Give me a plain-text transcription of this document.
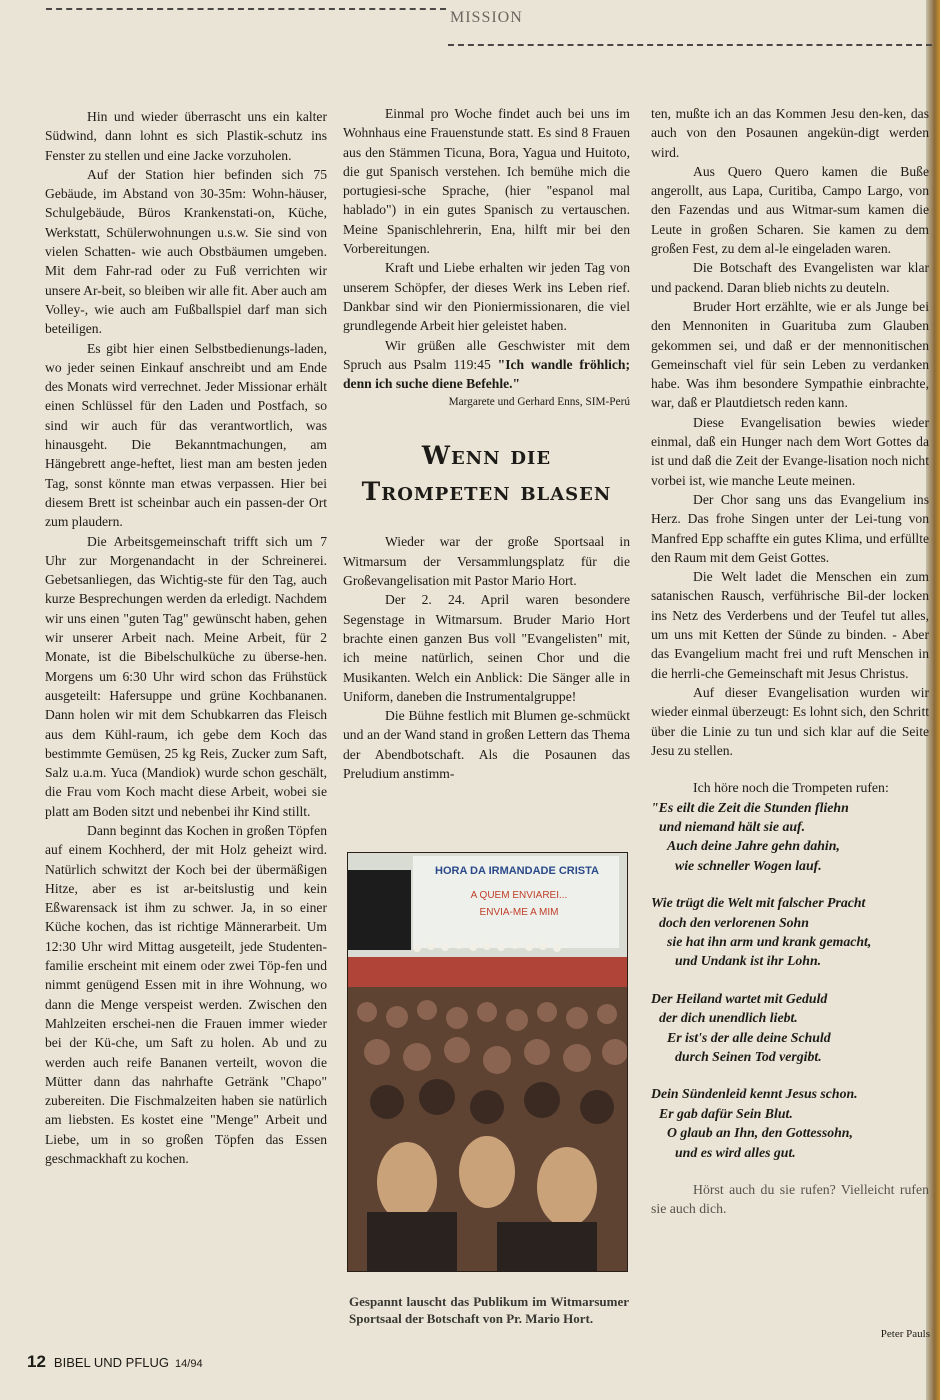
MISSION

Hin und wieder überrascht uns ein kalter Südwind, dann lohnt es sich Plastik-schutz ins Fenster zu stellen und eine Jacke vorzuholen.

Auf der Station hier befinden sich 75 Gebäude, im Abstand von 30-35m: Wohn-häuser, Schulgebäude, Büros Krankenstati-on, Küche, Werkstatt, Schülerwohnungen u.s.w. Sie sind von vielen Schatten- wie auch Obstbäumen umgeben. Mit dem Fahr-rad oder zu Fuß verrichten wir unsere Ar-beit, so bleiben wir alle fit. Aber auch am Volley-, wie auch am Fußballspiel darf man sich beteiligen.

Es gibt hier einen Selbstbedienungs-laden, wo jeder seinen Einkauf anschreibt und am Ende des Monats wird verrechnet. Jeder Missionar erhält einen Schlüssel für den Laden und Postfach, so sind wir auch für das verantwortlich, was hinausgeht. Die Bekanntmachungen, am Hängebrett ange-heftet, liest man am besten jeden Tag, sonst könnte man etwas verpassen. Hier bei diesem Brett ist scheinbar auch ein passen-der Ort zum plaudern.

Die Arbeitsgemeinschaft trifft sich um 7 Uhr zur Morgenandacht in der Schreinerei. Gebetsanliegen, das Wichtig-ste für den Tag, auch kurze Besprechungen werden da erledigt. Nachdem wir uns einen "guten Tag" gewünscht haben, gehen wir unserer Arbeit nach. Meine Arbeit, für 2 Monate, ist die Bibelschulküche zu überse-hen. Morgens um 6:30 Uhr wird schon das Frühstück ausgeteilt: Hafersuppe und grüne Kochbananen. Dann holen wir mit dem Schubkarren das Fleisch aus dem Kühl-raum, ich gebe dem Koch das bestimmte Gemüsen, 25 kg Reis, Zucker zum Saft, Salz u.a.m. Yuca (Mandiok) wurde schon geschält, die Frau vom Koch macht diese Arbeit, wobei sie platt am Boden sitzt und nebenbei ihr Kind stillt.

Dann beginnt das Kochen in großen Töpfen auf einem Kochherd, der mit Holz geheizt wird. Natürlich schwitzt der Koch bei der übermäßigen Hitze, aber es ist ar-beitslustig und kein Eßwarensack ist ihm zu schwer. Ja, in so einer Küche kochen, das ist richtige Männerarbeit. Um 12:30 Uhr wird Mittag ausgeteilt, jede Studenten-familie erscheint mit einem oder zwei Töp-fen und nimmt genügend Essen mit in ihre Wohnung, wo dann die Menge verspeist werden. Zwischen den Mahlzeiten erschei-nen die Frauen immer wieder bei der Kü-che, um Saft zu holen. Ab und zu werden auch reife Bananen verteilt, wovon die Mütter dann das nahrhafte Getränk "Chapo" zubereiten. Die Fischmalzeiten haben sie natürlich am liebsten. Es kostet eine "Menge" Arbeit und Liebe, um in so großen Töpfen das Essen geschmackhaft zu kochen.

Einmal pro Woche findet auch bei uns im Wohnhaus eine Frauenstunde statt. Es sind 8 Frauen aus den Stämmen Ticuna, Bora, Yagua und Huitoto, die gut Spanisch verstehen. Ich bemühe mich die portugiesi-sche Sprache, (hier "espanol mal hablado") in ein gutes Spanisch zu vertauschen. Meine Spanischlehrerin, Ena, hilft mir bei den Vorbereitungen.

Kraft und Liebe erhalten wir jeden Tag von unserem Schöpfer, der dieses Werk ins Leben rief. Dankbar sind wir den Pioniermissionaren, die viel grundlegende Arbeit hier geleistet haben.

Wir grüßen alle Geschwister mit dem Spruch aus Psalm 119:45 "Ich wandle fröhlich; denn ich suche diene Befehle."

Margarete und Gerhard Enns, SIM-Perú
Wenn die
Trompeten blasen

Wieder war der große Sportsaal in Witmarsum der Versammlungsplatz für die Großevangelisation mit Pastor Mario Hort.

Der 2. 24. April waren besondere Segenstage in Witmarsum. Bruder Mario Hort brachte einen ganzen Bus voll "Evangelisten" mit, ich meine natürlich, seinen Chor und die Musikanten. Welch ein Anblick: Die Sänger alle in Uniform, daneben die Instrumentalgruppe!

Die Bühne festlich mit Blumen ge-schmückt und an der Wand stand in großen Lettern das Thema der Abendbotschaft. Als die Posaunen das Preludium anstimm-

HORA DA IRMANDADE CRISTA
A QUEM ENVIAREI...
ENVIA-ME A MIM
Gespannt lauscht das Publikum im Witmarsumer Sportsaal der Botschaft von Pr. Mario Hort.

ten, mußte ich an das Kommen Jesu den-ken, das auch von den Posaunen angekün-digt werden wird.

Aus Quero Quero kamen die Buße angerollt, aus Lapa, Curitiba, Campo Largo, von den Fazendas und aus Witmar-sum kamen die Leute in großen Scharen. Sie kamen zu dem großen Fest, zu dem al-le eingeladen waren.

Die Botschaft des Evangelisten war klar und packend. Daran blieb nichts zu deuteln.

Bruder Hort erzählte, wie er als Junge bei den Mennoniten in Guarituba zum Glauben gekommen sei, und daß er der mennonitischen Gemeinschaft viel für sein Leben zu verdanken habe. Was ihm besondere Sympathie einbrachte, war, daß er Plautdietsch reden kann.

Diese Evangelisation bewies wieder einmal, daß ein Hunger nach dem Wort Gottes da ist und daß die Zeit der Evange-lisation noch nicht vorbei ist, wie manche Leute meinen.

Der Chor sang uns das Evangelium ins Herz. Das frohe Singen unter der Lei-tung von Manfred Epp schaffte ein gutes Klima, und erfüllte den Raum mit dem Geist Gottes.

Die Welt ladet die Menschen ein zum satanischen Rausch, verführische Bil-der locken ins Netz des Verderbens und der Teufel tut alles, um uns mit Ketten der Sünde zu binden. - Aber das Evangelium macht frei und ruft Menschen in die herrli-che Gemeinschaft mit Jesus Christus.

Auf dieser Evangelisation wurden wir wieder einmal überzeugt: Es lohnt sich, den Schritt über die Linie zu tun und sich klar auf die Seite Jesu zu stellen.

Ich höre noch die Trompeten rufen:

"Es eilt die Zeit die Stunden fliehn
und niemand hält sie auf.
Auch deine Jahre gehn dahin,
wie schneller Wogen lauf.
Wie trügt die Welt mit falscher Pracht
doch den verlorenen Sohn
sie hat ihn arm und krank gemacht,
und Undank ist ihr Lohn.
Der Heiland wartet mit Geduld
der dich unendlich liebt.
Er ist's der alle deine Schuld
durch Seinen Tod vergibt.
Dein Sündenleid kennt Jesus schon.
Er gab dafür Sein Blut.
O glaub an Ihn, den Gottessohn,
und es wird alles gut.

Hörst auch du sie rufen? Vielleicht rufen sie auch dich.

Peter Pauls
12 BIBEL UND PFLUG 14/94
